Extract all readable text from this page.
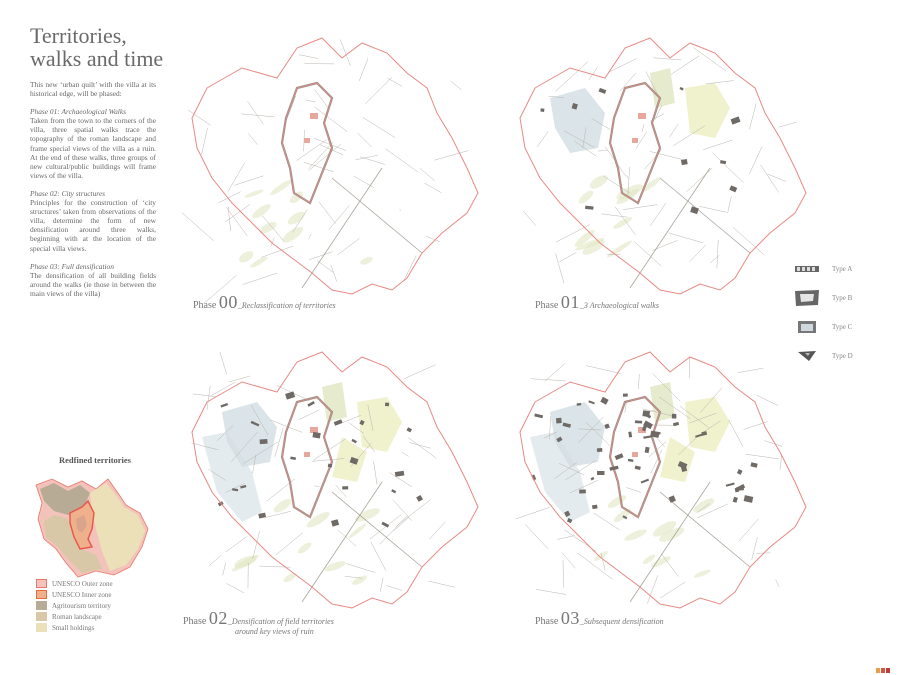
Territories,
walks and time

This new ‘urban quilt’ with the villa at its historical edge, will be phased:

Phase 01: Archaeological Walks
Taken from the town to the corners of the villa, three spatial walks trace the topography of the roman landscape and frame special views of the villa as a ruin. At the end of these walks, three groups of new cultural/public buildings will frame views of the villa.

Phase 02: City structures
Principles for the construction of ‘city structures’ taken from observations of the villa, determine the form of new densification around three walks, beginning with at the location of the special villa views.

Phase 03: Full densification
The densification of all building fields around the walks (ie those in between the main views of the villa)

Phase 00_Reclassification of territories	Phase 01_3 Archaeological walks
Phase 02_Densification of field territories
around key views of ruin
Phase 03_Subsequent densification
Type A
Type B
Type C
Type D
Redfined territories
UNESCO Outer zone
UNESCO Inner zone
Agritourism territory
Roman landscape
Small holdings
